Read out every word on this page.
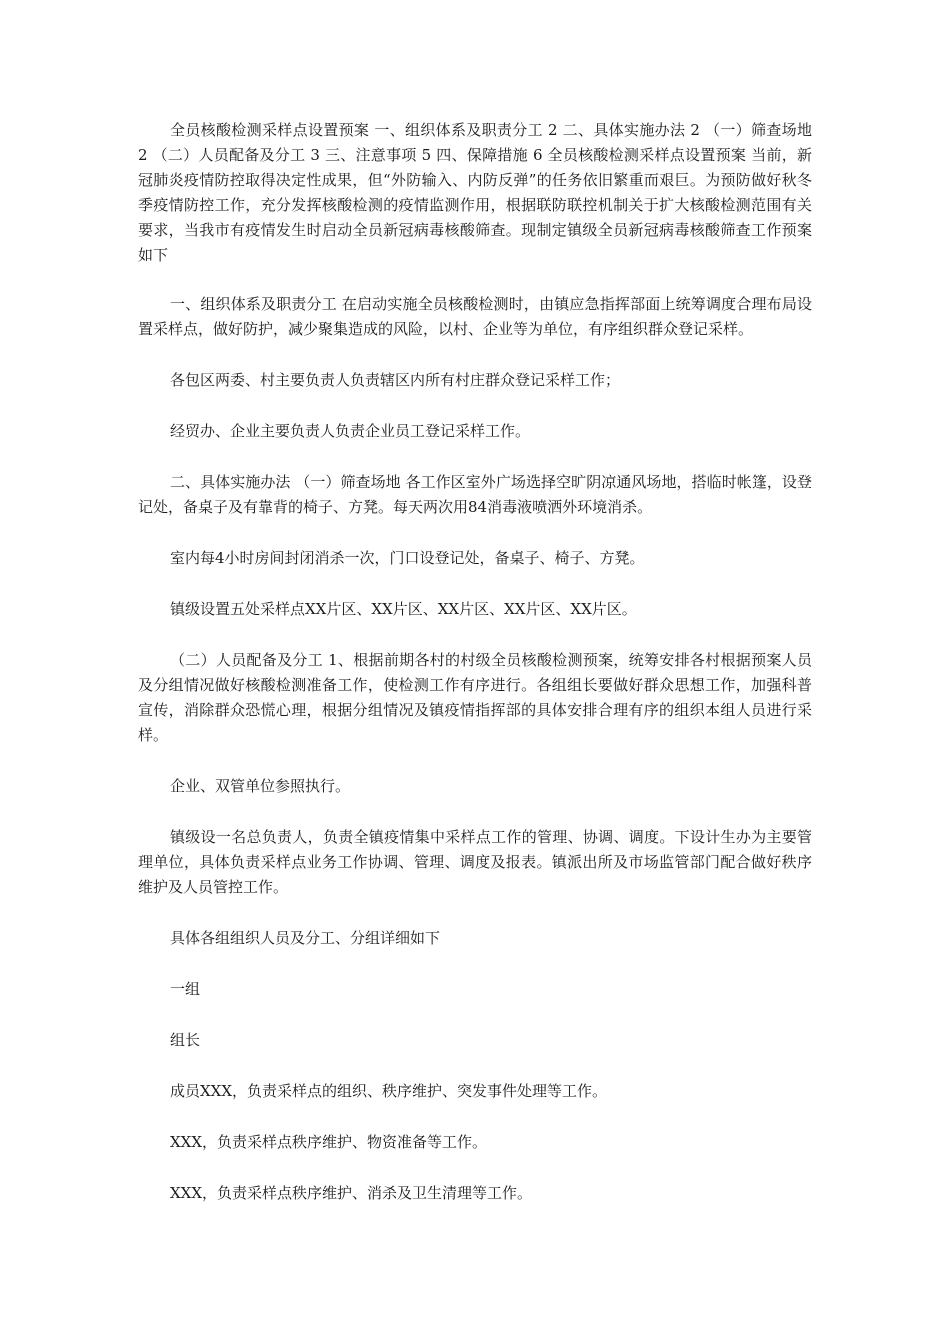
全员核酸检测采样点设置预案 一、组织体系及职责分工 2 二、具体实施办法 2 （一）筛查场地 2 （二）人员配备及分工 3 三、注意事项 5 四、保障措施 6 全员核酸检测采样点设置预案 当前，新冠肺炎疫情防控取得决定性成果，但“外防输入、内防反弹”的任务依旧繁重而艰巨。为预防做好秋冬季疫情防控工作，充分发挥核酸检测的疫情监测作用，根据联防联控机制关于扩大核酸检测范围有关要求，当我市有疫情发生时启动全员新冠病毒核酸筛查。现制定镇级全员新冠病毒核酸筛查工作预案如下

一、组织体系及职责分工 在启动实施全员核酸检测时，由镇应急指挥部面上统筹调度合理布局设置采样点，做好防护，减少聚集造成的风险，以村、企业等为单位，有序组织群众登记采样。

各包区两委、村主要负责人负责辖区内所有村庄群众登记采样工作；

经贸办、企业主要负责人负责企业员工登记采样工作。

二、具体实施办法 （一）筛查场地 各工作区室外广场选择空旷阴凉通风场地，搭临时帐篷，设登记处，备桌子及有靠背的椅子、方凳。每天两次用84消毒液喷洒外环境消杀。

室内每4小时房间封闭消杀一次，门口设登记处，备桌子、椅子、方凳。

镇级设置五处采样点XX片区、XX片区、XX片区、XX片区、XX片区。

（二）人员配备及分工 1、根据前期各村的村级全员核酸检测预案，统筹安排各村根据预案人员及分组情况做好核酸检测准备工作，使检测工作有序进行。各组组长要做好群众思想工作，加强科普宣传，消除群众恐慌心理，根据分组情况及镇疫情指挥部的具体安排合理有序的组织本组人员进行采样。

企业、双管单位参照执行。

镇级设一名总负责人，负责全镇疫情集中采样点工作的管理、协调、调度。下设计生办为主要管理单位，具体负责采样点业务工作协调、管理、调度及报表。镇派出所及市场监管部门配合做好秩序维护及人员管控工作。

具体各组组织人员及分工、分组详细如下

一组

组长

成员XXX，负责采样点的组织、秩序维护、突发事件处理等工作。

XXX，负责采样点秩序维护、物资准备等工作。

XXX，负责采样点秩序维护、消杀及卫生清理等工作。
